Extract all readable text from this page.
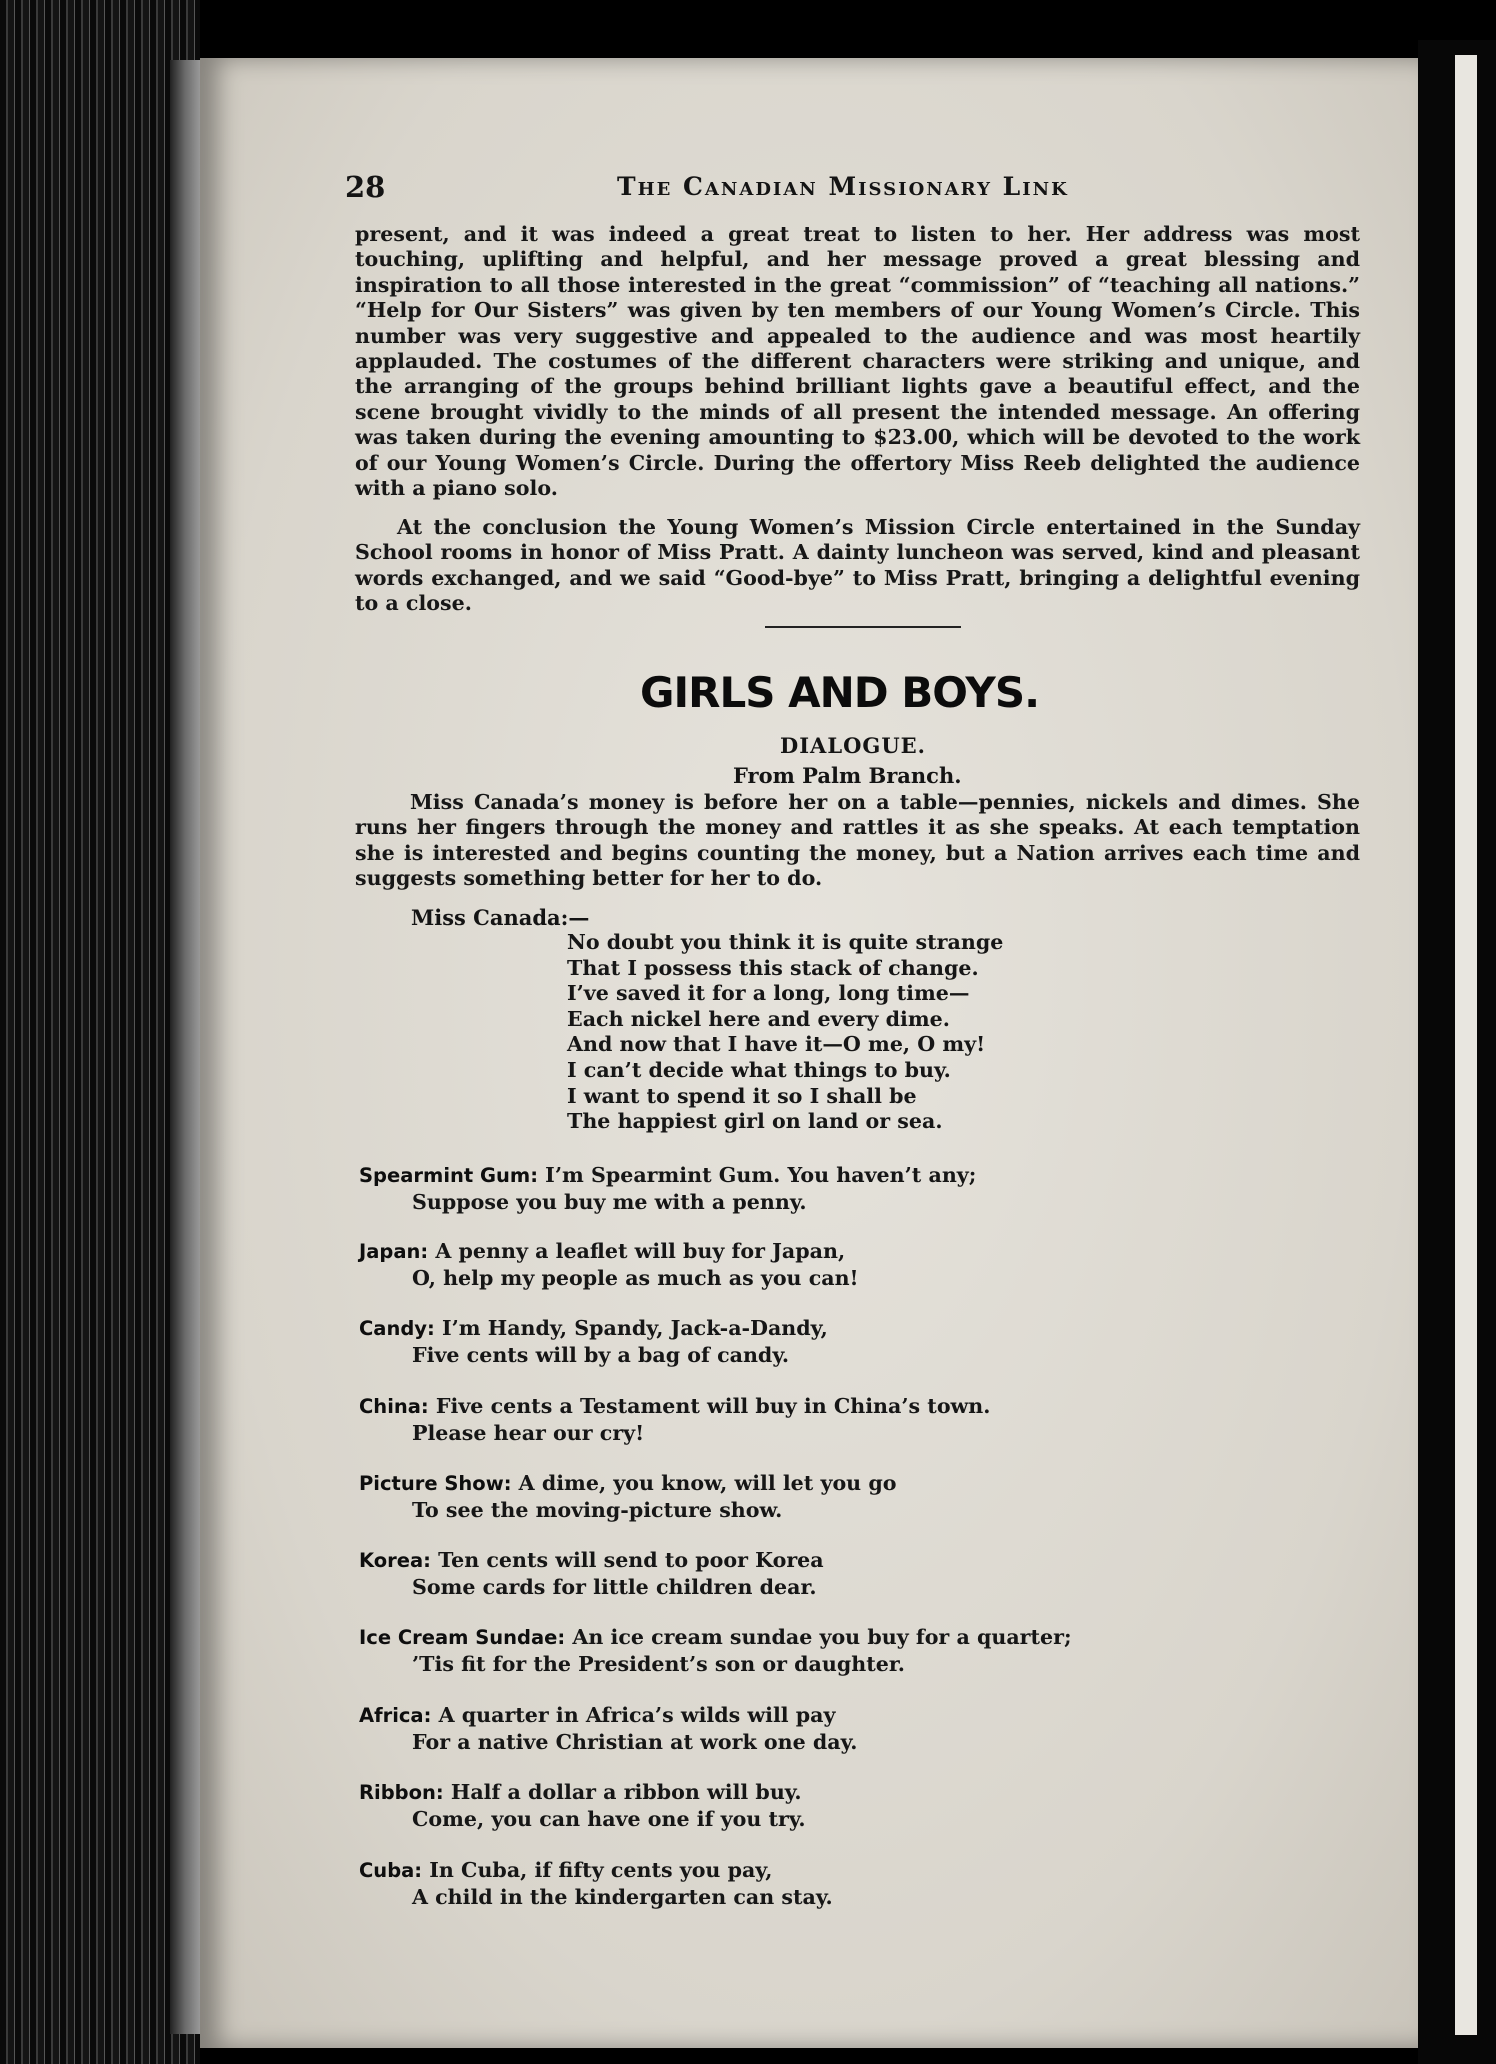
28	The Canadian Missionary Link

present, and it was indeed a great treat to listen to her. Her address was most touching, uplifting and helpful, and her message proved a great blessing and inspiration to all those interested in the great “commission” of “teaching all nations.” “Help for Our Sisters” was given by ten members of our Young Women’s Circle. This number was very suggestive and appealed to the audience and was most heartily applauded. The costumes of the different characters were striking and unique, and the arranging of the groups behind brilliant lights gave a beautiful effect, and the scene brought vividly to the minds of all present the intended message. An offering was taken during the evening amounting to $23.00, which will be devoted to the work of our Young Women’s Circle. During the offertory Miss Reeb delighted the audience with a piano solo.

At the conclusion the Young Women’s Mission Circle entertained in the Sunday School rooms in honor of Miss Pratt. A dainty luncheon was served, kind and pleasant words exchanged, and we said “Good-bye” to Miss Pratt, bringing a delightful evening to a close.

GIRLS AND BOYS.
DIALOGUE.
From Palm Branch.

Miss Canada’s money is before her on a table—pennies, nickels and dimes. She runs her fingers through the money and rattles it as she speaks. At each temptation she is interested and begins counting the money, but a Nation arrives each time and suggests something better for her to do.

Miss Canada:—
No doubt you think it is quite strange
That I possess this stack of change.
I’ve saved it for a long, long time—
Each nickel here and every dime.
And now that I have it—O me, O my!
I can’t decide what things to buy.
I want to spend it so I shall be
The happiest girl on land or sea.
Spearmint Gum: I’m Spearmint Gum. You haven’t any;
Suppose you buy me with a penny.
Japan: A penny a leaflet will buy for Japan,
O, help my people as much as you can!
Candy: I’m Handy, Spandy, Jack-a-Dandy,
Five cents will by a bag of candy.
China: Five cents a Testament will buy in China’s town.
Please hear our cry!
Picture Show: A dime, you know, will let you go
To see the moving-picture show.
Korea: Ten cents will send to poor Korea
Some cards for little children dear.
Ice Cream Sundae: An ice cream sundae you buy for a quarter;
’Tis fit for the President’s son or daughter.
Africa: A quarter in Africa’s wilds will pay
For a native Christian at work one day.
Ribbon: Half a dollar a ribbon will buy.
Come, you can have one if you try.
Cuba: In Cuba, if fifty cents you pay,
A child in the kindergarten can stay.
